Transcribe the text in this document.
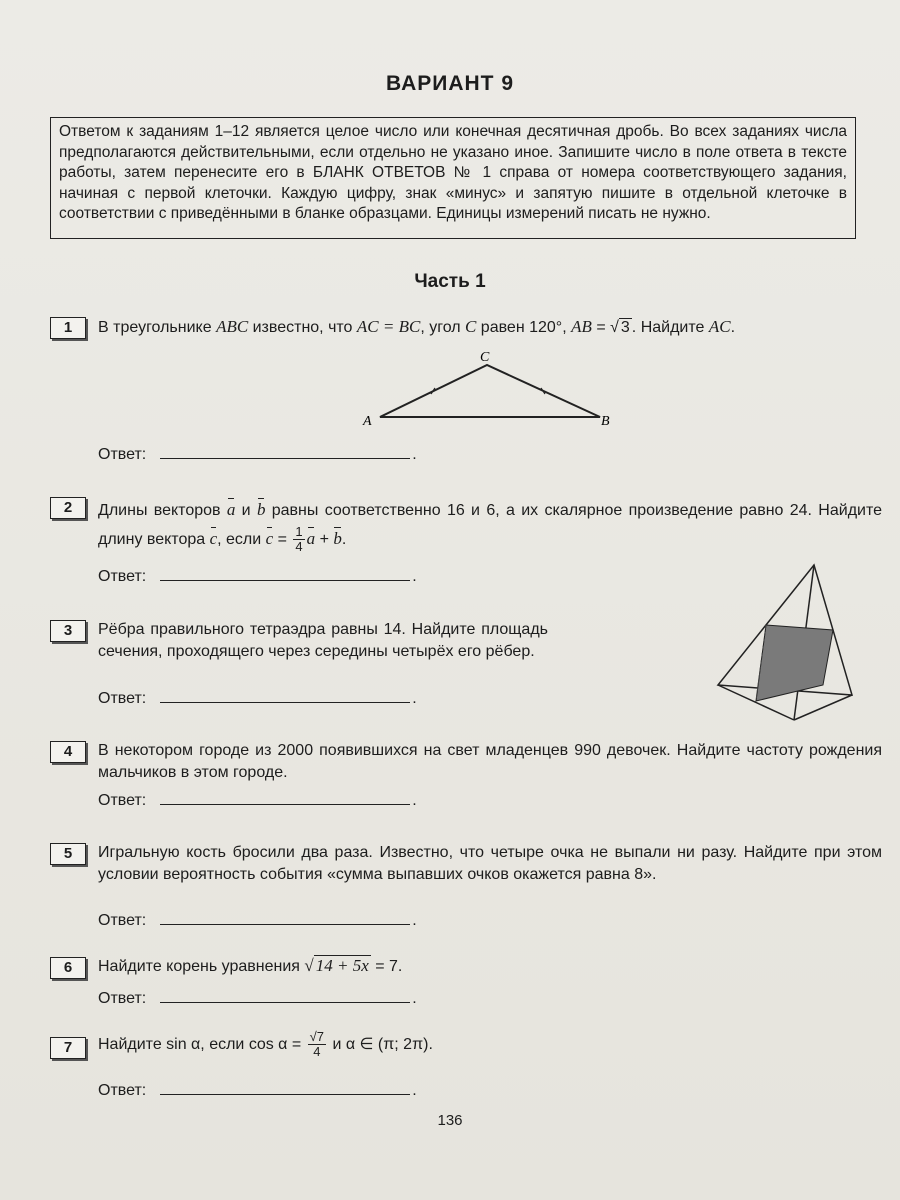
ВАРИАНТ 9
Ответом к заданиям 1–12 является целое число или конечная десятичная дробь. Во всех заданиях числа предполагаются действительными, если отдельно не указано иное. Запишите число в поле ответа в тексте работы, затем перенесите его в БЛАНК ОТВЕТОВ № 1 справа от номера соответствующего задания, начиная с первой клеточки. Каждую цифру, знак «минус» и запятую пишите в отдельной клеточке в соответствии с приведёнными в бланке образцами. Единицы измерений писать не нужно.
Часть 1
1	В треугольнике ABC известно, что AC = BC, угол C равен 120°, AB = √ 3 . Найдите AC.
A	B
C
Ответ:	.
2	Длины векторов a и b равны соответственно 16 и 6, а их скалярное произведение равно 24. Найдите длину вектора c, если $c = \frac{1}{4}$ a + b.
Ответ:	.
3	Рёбра правильного тетраэдра равны 14. Найдите площадь сечения, проходящего через середины четырёх его рёбер.
Ответ:	.
4	В некотором городе из 2000 появившихся на свет младенцев 990 девочек. Найдите частоту рождения мальчиков в этом городе.
Ответ:	.
5	Игральную кость бросили два раза. Известно, что четыре очка не выпали ни разу. Найдите при этом условии вероятность события «сумма выпавших очков окажется равна 8».
Ответ:	.
6	Найдите корень уравнения √ 14 + 5x = 7.
Ответ:	.
7	Найдите sin α, если $\cos \alpha = \frac{√7}{4}$ и α ∈ (π; 2π).
Ответ:	.
136
